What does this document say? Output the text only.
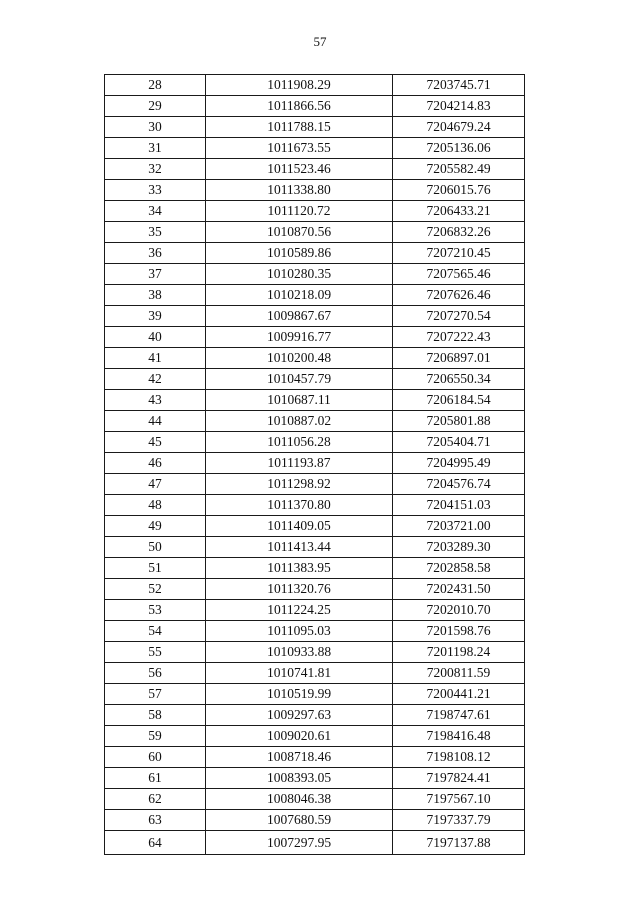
57
28	1011908.29	7203745.71
29	1011866.56	7204214.83
30	1011788.15	7204679.24
31	1011673.55	7205136.06
32	1011523.46	7205582.49
33	1011338.80	7206015.76
34	1011120.72	7206433.21
35	1010870.56	7206832.26
36	1010589.86	7207210.45
37	1010280.35	7207565.46
38	1010218.09	7207626.46
39	1009867.67	7207270.54
40	1009916.77	7207222.43
41	1010200.48	7206897.01
42	1010457.79	7206550.34
43	1010687.11	7206184.54
44	1010887.02	7205801.88
45	1011056.28	7205404.71
46	1011193.87	7204995.49
47	1011298.92	7204576.74
48	1011370.80	7204151.03
49	1011409.05	7203721.00
50	1011413.44	7203289.30
51	1011383.95	7202858.58
52	1011320.76	7202431.50
53	1011224.25	7202010.70
54	1011095.03	7201598.76
55	1010933.88	7201198.24
56	1010741.81	7200811.59
57	1010519.99	7200441.21
58	1009297.63	7198747.61
59	1009020.61	7198416.48
60	1008718.46	7198108.12
61	1008393.05	7197824.41
62	1008046.38	7197567.10
63	1007680.59	7197337.79
64	1007297.95	7197137.88
